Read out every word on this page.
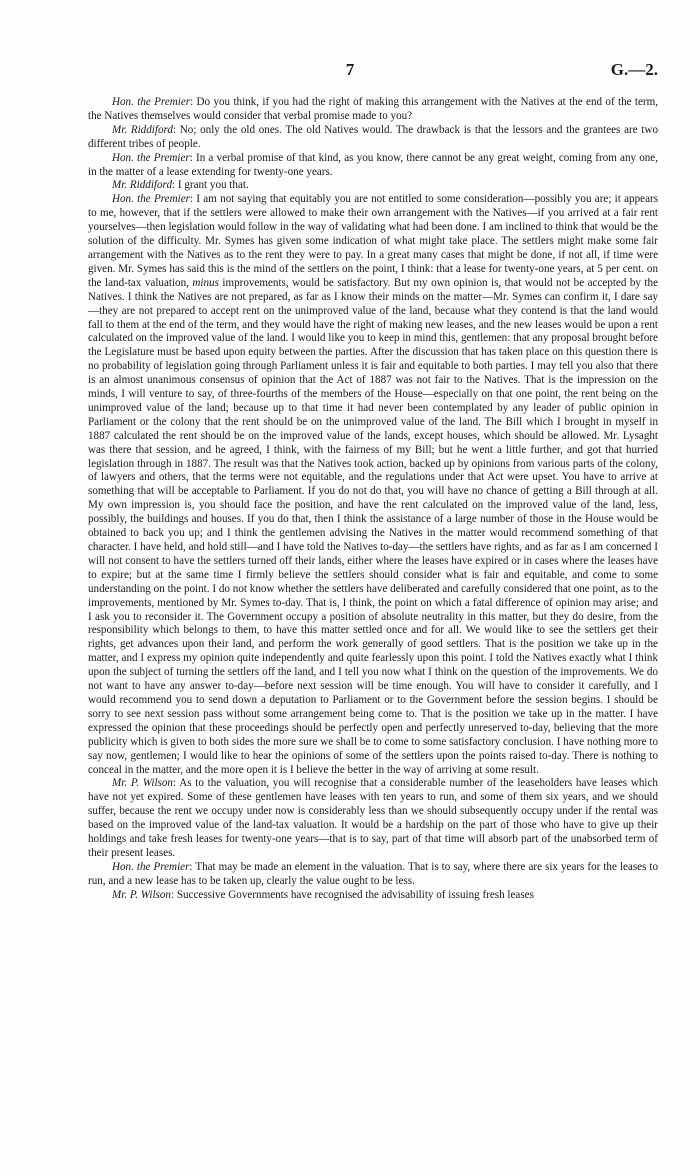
7	G.—2.

Hon. the Premier: Do you think, if you had the right of making this arrangement with the Natives at the end of the term, the Natives themselves would consider that verbal promise made to you?

Mr. Riddiford: No; only the old ones. The old Natives would. The drawback is that the lessors and the grantees are two different tribes of people.

Hon. the Premier: In a verbal promise of that kind, as you know, there cannot be any great weight, coming from any one, in the matter of a lease extending for twenty-one years.

Mr. Riddiford: I grant you that.

Hon. the Premier: I am not saying that equitably you are not entitled to some consideration—possibly you are; it appears to me, however, that if the settlers were allowed to make their own arrangement with the Natives—if you arrived at a fair rent yourselves—then legislation would follow in the way of validating what had been done. I am inclined to think that would be the solution of the difficulty. Mr. Symes has given some indication of what might take place. The settlers might make some fair arrangement with the Natives as to the rent they were to pay. In a great many cases that might be done, if not all, if time were given. Mr. Symes has said this is the mind of the settlers on the point, I think: that a lease for twenty-one years, at 5 per cent. on the land-tax valuation, minus improvements, would be satisfactory. But my own opinion is, that would not be accepted by the Natives. I think the Natives are not prepared, as far as I know their minds on the matter—Mr. Symes can confirm it, I dare say—they are not prepared to accept rent on the unimproved value of the land, because what they contend is that the land would fall to them at the end of the term, and they would have the right of making new leases, and the new leases would be upon a rent calculated on the improved value of the land. I would like you to keep in mind this, gentlemen: that any proposal brought before the Legislature must be based upon equity between the parties. After the discussion that has taken place on this question there is no probability of legislation going through Parliament unless it is fair and equitable to both parties. I may tell you also that there is an almost unanimous consensus of opinion that the Act of 1887 was not fair to the Natives. That is the impression on the minds, I will venture to say, of three-fourths of the members of the House—especially on that one point, the rent being on the unimproved value of the land; because up to that time it had never been contemplated by any leader of public opinion in Parliament or the colony that the rent should be on the unimproved value of the land. The Bill which I brought in myself in 1887 calculated the rent should be on the improved value of the lands, except houses, which should be allowed. Mr. Lysaght was there that session, and he agreed, I think, with the fairness of my Bill; but he went a little further, and got that hurried legislation through in 1887. The result was that the Natives took action, backed up by opinions from various parts of the colony, of lawyers and others, that the terms were not equitable, and the regulations under that Act were upset. You have to arrive at something that will be acceptable to Parliament. If you do not do that, you will have no chance of getting a Bill through at all. My own impression is, you should face the position, and have the rent calculated on the improved value of the land, less, possibly, the buildings and houses. If you do that, then I think the assistance of a large number of those in the House would be obtained to back you up; and I think the gentlemen advising the Natives in the matter would recommend something of that character. I have held, and hold still—and I have told the Natives to-day—the settlers have rights, and as far as I am concerned I will not consent to have the settlers turned off their lands, either where the leases have expired or in cases where the leases have to expire; but at the same time I firmly believe the settlers should consider what is fair and equitable, and come to some understanding on the point. I do not know whether the settlers have deliberated and carefully considered that one point, as to the improvements, mentioned by Mr. Symes to-day. That is, I think, the point on which a fatal difference of opinion may arise; and I ask you to reconsider it. The Government occupy a position of absolute neutrality in this matter, but they do desire, from the responsibility which belongs to them, to have this matter settled once and for all. We would like to see the settlers get their rights, get advances upon their land, and perform the work generally of good settlers. That is the position we take up in the matter, and I express my opinion quite independently and quite fearlessly upon this point. I told the Natives exactly what I think upon the subject of turning the settlers off the land, and I tell you now what I think on the question of the improvements. We do not want to have any answer to-day—before next session will be time enough. You will have to consider it carefully, and I would recommend you to send down a deputation to Parliament or to the Government before the session begins. I should be sorry to see next session pass without some arrangement being come to. That is the position we take up in the matter. I have expressed the opinion that these proceedings should be perfectly open and perfectly unreserved to-day, believing that the more publicity which is given to both sides the more sure we shall be to come to some satisfactory conclusion. I have nothing more to say now, gentlemen; I would like to hear the opinions of some of the settlers upon the points raised to-day. There is nothing to conceal in the matter, and the more open it is I believe the better in the way of arriving at some result.

Mr. P. Wilson: As to the valuation, you will recognise that a considerable number of the leaseholders have leases which have not yet expired. Some of these gentlemen have leases with ten years to run, and some of them six years, and we should suffer, because the rent we occupy under now is considerably less than we should subsequently occupy under if the rental was based on the improved value of the land-tax valuation. It would be a hardship on the part of those who have to give up their holdings and take fresh leases for twenty-one years—that is to say, part of that time will absorb part of the unabsorbed term of their present leases.

Hon. the Premier: That may be made an element in the valuation. That is to say, where there are six years for the leases to run, and a new lease has to be taken up, clearly the value ought to be less.

Mr. P. Wilson: Successive Governments have recognised the advisability of issuing fresh leases
